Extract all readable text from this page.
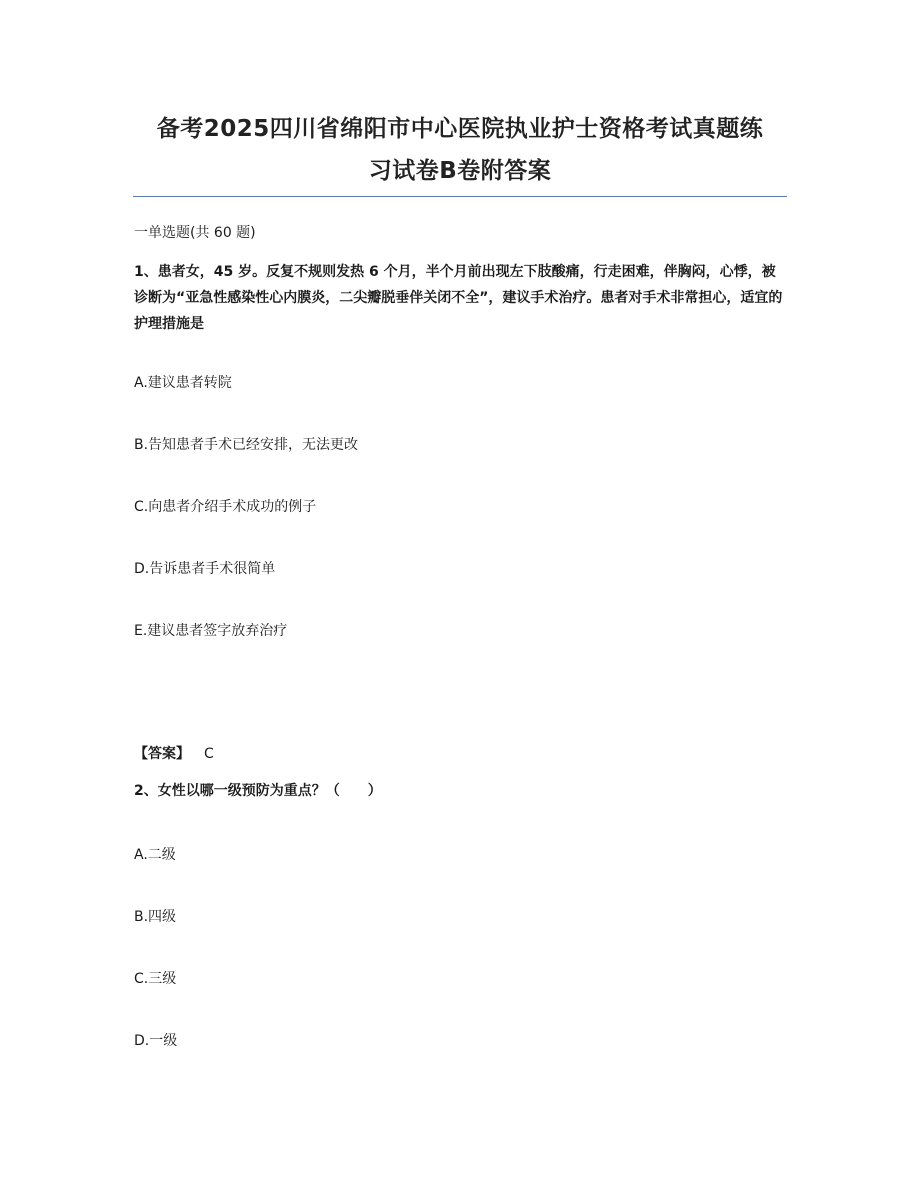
备考2025四川省绵阳市中心医院执业护士资格考试真题练
习试卷B卷附答案
一单选题(共 60 题)
1、患者女，45 岁。反复不规则发热 6 个月，半个月前出现左下肢酸痛，行走困难，伴胸闷，心悸，被诊断为“亚急性感染性心内膜炎，二尖瓣脱垂伴关闭不全”，建议手术治疗。患者对手术非常担心，适宜的护理措施是
A.建议患者转院
B.告知患者手术已经安排，无法更改
C.向患者介绍手术成功的例子
D.告诉患者手术很简单
E.建议患者签字放弃治疗
【答案】 C
2、女性以哪一级预防为重点？（　　）
A.二级
B.四级
C.三级
D.一级
